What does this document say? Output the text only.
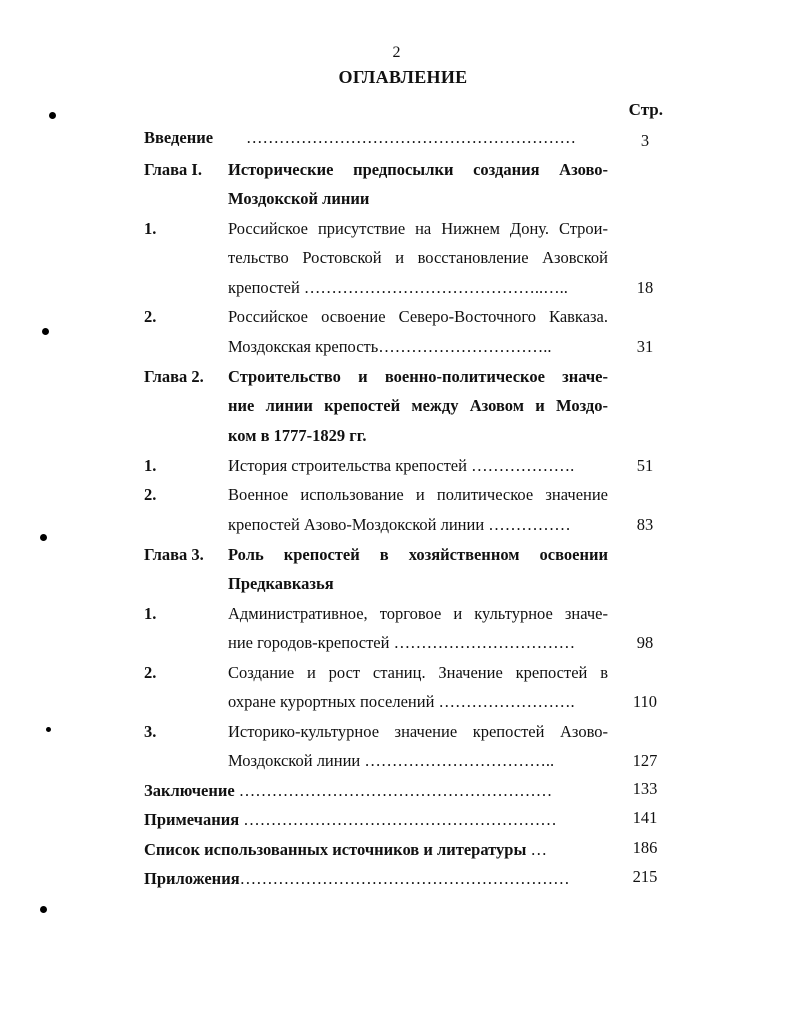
2
ОГЛАВЛЕНИЕ
Стр.
Введение ……………………………………………………	3
Глава I. Исторические предпосылки создания Азово-
Моздокской линии
1.	Российское присутствие на Нижнем Дону. Строи-
тельство Ростовской и восстановление Азовской
крепостей ……………………………………..…..	18
2.	Российское освоение Северо-Восточного Кавказа.
Моздокская крепость…………………………..	31
Глава 2. Строительство и военно-политическое значе-
ние линии крепостей между Азовом и Моздо-
ком в 1777-1829 гг.
1.	История строительства крепостей ……………….	51
2.	Военное использование и политическое значение
крепостей Азово-Моздокской линии ……………	83
Глава 3. Роль крепостей в хозяйственном освоении
Предкавказья
1.	Административное, торговое и культурное значе-
ние городов-крепостей ……………………………	98
2.	Создание и рост станиц. Значение крепостей в
охране курортных поселений …………………….	110
3.	Историко-культурное значение крепостей Азово-
Моздокской линии ……………………………..	127
Заключение …………………………………………………	133
Примечания …………………………………………………	141
Список использованных источников и литературы …	186
Приложения……………………………………………………	215
